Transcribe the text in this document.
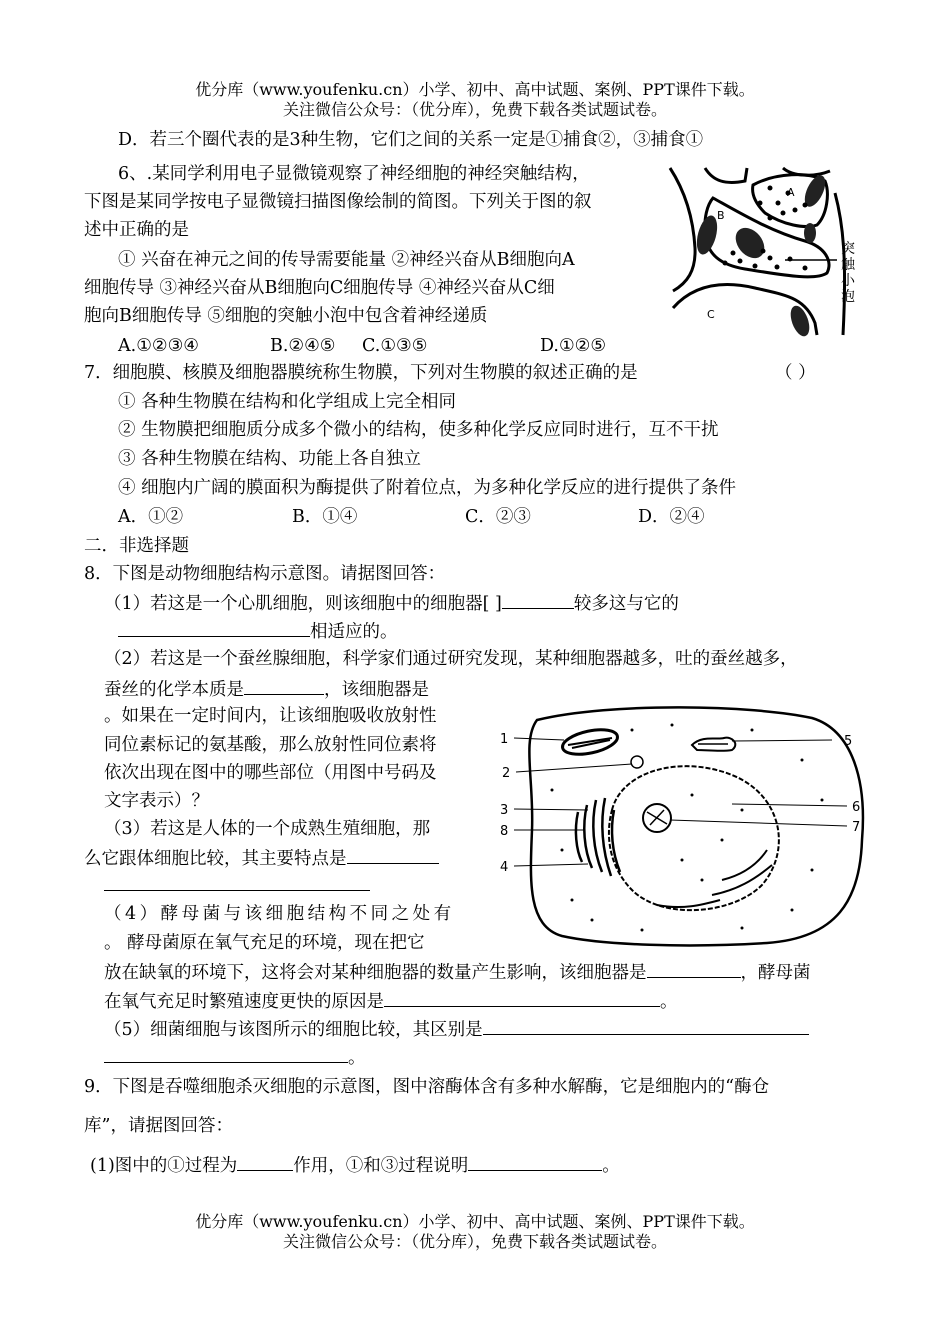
优分库（www.youfenku.cn）小学、初中、高中试题、案例、PPT课件下载。
关注微信公众号：（优分库），免费下载各类试题试卷。
D．若三个圈代表的是3种生物，它们之间的关系一定是①捕食②，③捕食①
6、.某同学利用电子显微镜观察了神经细胞的神经突触结构，
下图是某同学按电子显微镜扫描图像绘制的简图。下列关于图的叙
述中正确的是
① 兴奋在神元之间的传导需要能量 ②神经兴奋从B细胞向A
细胞传导 ③神经兴奋从B细胞向C细胞传导 ④神经兴奋从C细
胞向B细胞传导 ⑤细胞的突触小泡中包含着神经递质
A.①②③④	B.②④⑤ C.①③⑤	D.①②⑤
A
B
C
突
触
小
泡
7．细胞膜、核膜及细胞器膜统称生物膜，下列对生物膜的叙述正确的是	（ ）
① 各种生物膜在结构和化学组成上完全相同
② 生物膜把细胞质分成多个微小的结构，使多种化学反应同时进行，互不干扰
③ 各种生物膜在结构、功能上各自独立
④ 细胞内广阔的膜面积为酶提供了附着位点，为多种化学反应的进行提供了条件
A．①②	B．①④	C．②③	D．②④
二．非选择题
8．下图是动物细胞结构示意图。请据图回答：
（1）若这是一个心肌细胞，则该细胞中的细胞器[ ]	较多这与它的
相适应的。
（2）若这是一个蚕丝腺细胞，科学家们通过研究发现，某种细胞器越多，吐的蚕丝越多，
蚕丝的化学本质是	，该细胞器是
。如果在一定时间内，让该细胞吸收放射性
同位素标记的氨基酸，那么放射性同位素将
依次出现在图中的哪些部位（用图中号码及
文字表示）？
（3）若这是人体的一个成熟生殖细胞，那
么它跟体细胞比较，其主要特点是
（4）酵母菌与该细胞结构不同之处有
。 酵母菌原在氧气充足的环境，现在把它
放在缺氧的环境下，这将会对某种细胞器的数量产生影响，该细胞器是	，酵母菌
在氧气充足时繁殖速度更快的原因是	。
（5）细菌细胞与该图所示的细胞比较，其区别是
。
1
2
3
8
4
5
6
7
9．下图是吞噬细胞杀灭细胞的示意图，图中溶酶体含有多种水解酶，它是细胞内的“酶仓
库”，请据图回答：
(1)图中的①过程为	作用，①和③过程说明	。
优分库（www.youfenku.cn）小学、初中、高中试题、案例、PPT课件下载。
关注微信公众号：（优分库），免费下载各类试题试卷。
